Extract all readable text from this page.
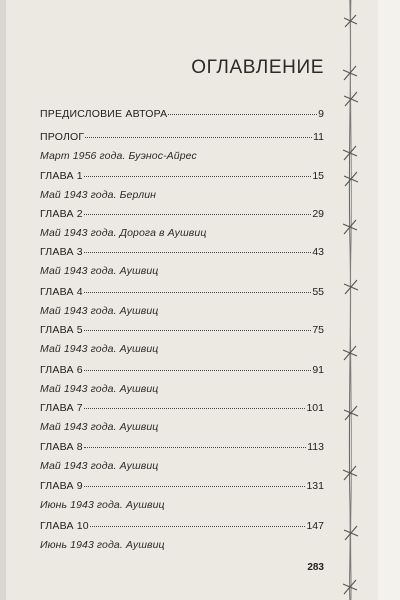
ОГЛАВЛЕНИЕ
ПРЕДИСЛОВИЕ АВТОРА	9
ПРОЛОГ	11
Март 1956 года. Буэнос-Айрес
ГЛАВА 1	15
Май 1943 года. Берлин
ГЛАВА 2	29
Май 1943 года. Дорога в Аушвиц
ГЛАВА 3	43
Май 1943 года. Аушвиц
ГЛАВА 4	55
Май 1943 года. Аушвиц
ГЛАВА 5	75
Май 1943 года. Аушвиц
ГЛАВА 6	91
Май 1943 года. Аушвиц
ГЛАВА 7	101
Май 1943 года. Аушвиц
ГЛАВА 8	113
Май 1943 года. Аушвиц
ГЛАВА 9	131
Июнь 1943 года. Аушвиц
ГЛАВА 10	147
Июнь 1943 года. Аушвиц
283
